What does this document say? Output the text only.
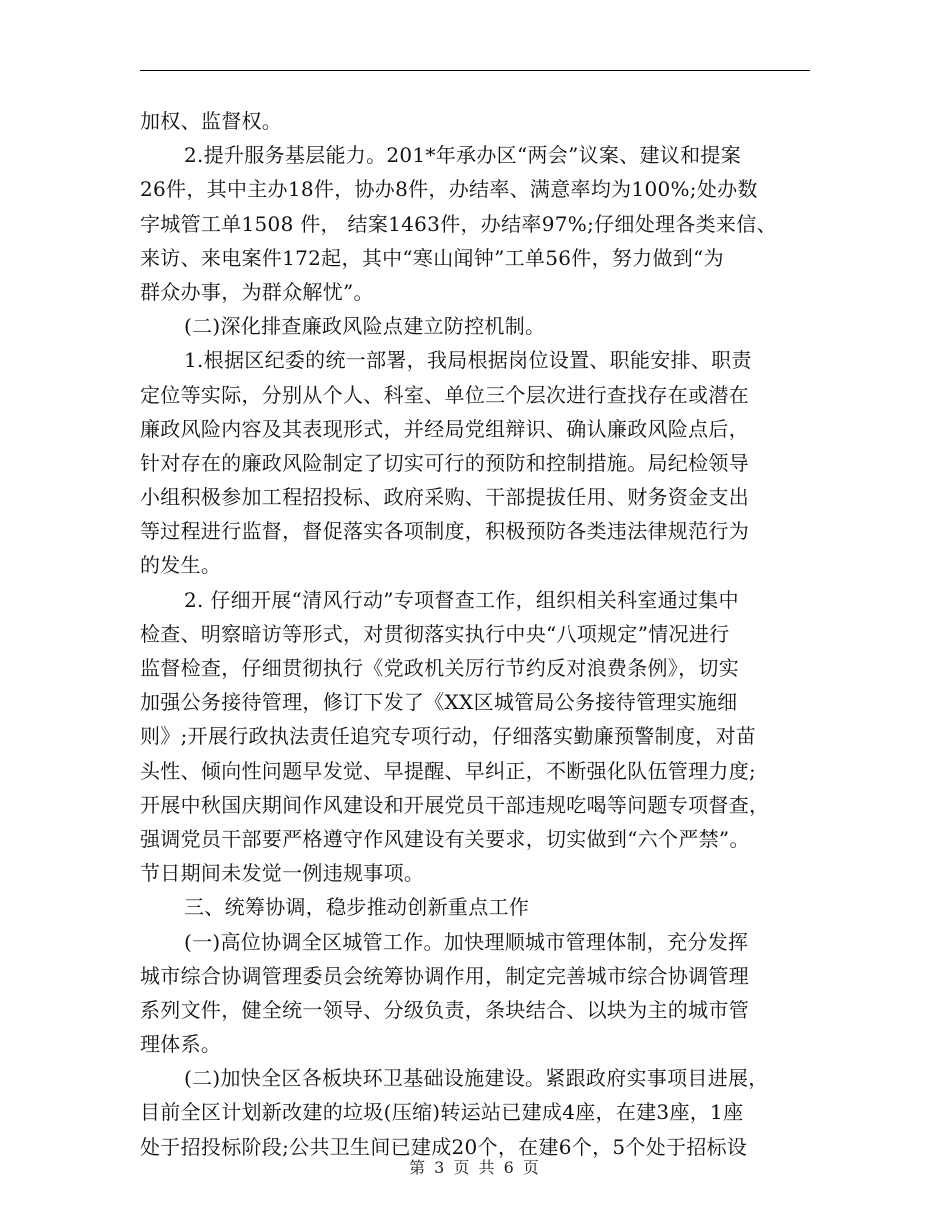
加权、监督权。
2.提升服务基层能力。201*年承办区“两会”议案、建议和提案
26件，其中主办18件，协办8件，办结率、满意率均为100%;处办数
字城管工单1508 件， 结案1463件，办结率97%;仔细处理各类来信、
来访、来电案件172起，其中“寒山闻钟”工单56件，努力做到“为
群众办事，为群众解忧”。
(二)深化排查廉政风险点建立防控机制。
1.根据区纪委的统一部署，我局根据岗位设置、职能安排、职责
定位等实际，分别从个人、科室、单位三个层次进行查找存在或潜在
廉政风险内容及其表现形式，并经局党组辩识、确认廉政风险点后，
针对存在的廉政风险制定了切实可行的预防和控制措施。局纪检领导
小组积极参加工程招投标、政府采购、干部提拔任用、财务资金支出
等过程进行监督，督促落实各项制度，积极预防各类违法律规范行为
的发生。
2. 仔细开展“清风行动”专项督查工作，组织相关科室通过集中
检查、明察暗访等形式，对贯彻落实执行中央“八项规定”情况进行
监督检查，仔细贯彻执行《党政机关厉行节约反对浪费条例》，切实
加强公务接待管理，修订下发了《XX区城管局公务接待管理实施细
则》;开展行政执法责任追究专项行动，仔细落实勤廉预警制度，对苗
头性、倾向性问题早发觉、早提醒、早纠正，不断强化队伍管理力度;
开展中秋国庆期间作风建设和开展党员干部违规吃喝等问题专项督查，
强调党员干部要严格遵守作风建设有关要求，切实做到“六个严禁”。
节日期间未发觉一例违规事项。
三、统筹协调，稳步推动创新重点工作
(一)高位协调全区城管工作。加快理顺城市管理体制，充分发挥
城市综合协调管理委员会统筹协调作用，制定完善城市综合协调管理
系列文件，健全统一领导、分级负责，条块结合、以块为主的城市管
理体系。
(二)加快全区各板块环卫基础设施建设。紧跟政府实事项目进展，
目前全区计划新改建的垃圾(压缩)转运站已建成4座，在建3座，1座
处于招投标阶段;公共卫生间已建成20个，在建6个，5个处于招标设
第 3 页 共 6 页
